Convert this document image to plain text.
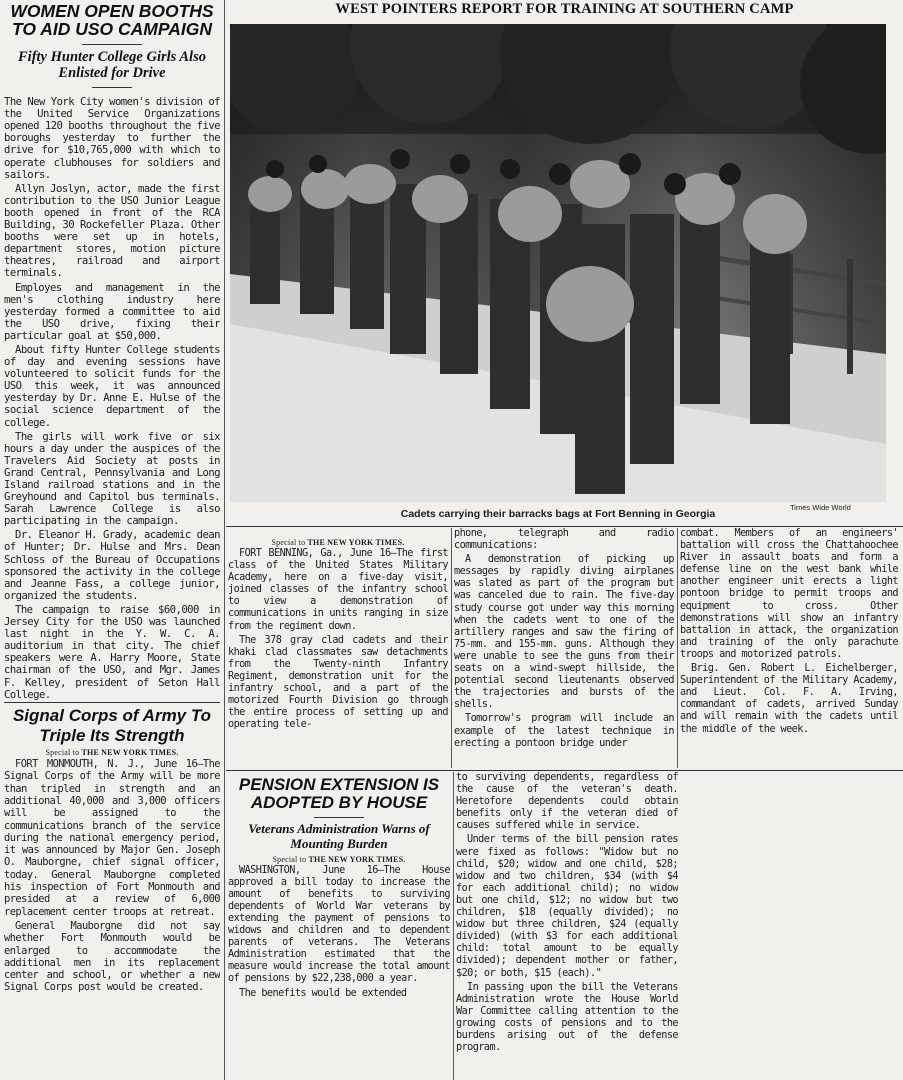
WOMEN OPEN BOOTHS TO AID USO CAMPAIGN
Fifty Hunter College Girls Also Enlisted for Drive

The New York City women's division of the United Service Organizations opened 120 booths throughout the five boroughs yesterday to further the drive for $10,765,000 with which to operate clubhouses for soldiers and sailors.

Allyn Joslyn, actor, made the first contribution to the USO Junior League booth opened in front of the RCA Building, 30 Rockefeller Plaza. Other booths were set up in hotels, department stores, motion picture theatres, railroad and airport terminals.

Employes and management in the men's clothing industry here yesterday formed a committee to aid the USO drive, fixing their particular goal at $50,000.

About fifty Hunter College students of day and evening sessions have volunteered to solicit funds for the USO this week, it was announced yesterday by Dr. Anne E. Hulse of the social science department of the college.

The girls will work five or six hours a day under the auspices of the Travelers Aid Society at posts in Grand Central, Pennsylvania and Long Island railroad stations and in the Greyhound and Capitol bus terminals. Sarah Lawrence College is also participating in the campaign.

Dr. Eleanor H. Grady, academic dean of Hunter; Dr. Hulse and Mrs. Dean Schloss of the Bureau of Occupations sponsored the activity in the college and Jeanne Fass, a college junior, organized the students.

The campaign to raise $60,000 in Jersey City for the USO was launched last night in the Y. W. C. A. auditorium in that city. The chief speakers were A. Harry Moore, State chairman of the USO, and Mgr. James F. Kelley, president of Seton Hall College.

Signal Corps of Army To Triple Its Strength
Special to THE NEW YORK TIMES.

FORT MONMOUTH, N. J., June 16—The Signal Corps of the Army will be more than tripled in strength and an additional 40,000 and 3,000 officers will be assigned to the communications branch of the service during the national emergency period, it was announced by Major Gen. Joseph O. Mauborgne, chief signal officer, today. General Mauborgne completed his inspection of Fort Monmouth and presided at a review of 6,000 replacement center troops at retreat.

General Mauborgne did not say whether Fort Monmouth would be enlarged to accommodate the additional men in its replacement center and school, or whether a new Signal Corps post would be created.

WEST POINTERS REPORT FOR TRAINING AT SOUTHERN CAMP
Times Wide World
Cadets carrying their barracks bags at Fort Benning in Georgia
Special to THE NEW YORK TIMES.

FORT BENNING, Ga., June 16—The first class of the United States Military Academy, here on a five-day visit, joined classes of the infantry school to view a demonstration of communications in units ranging in size from the regiment down.

The 378 gray clad cadets and their khaki clad classmates saw detachments from the Twenty-ninth Infantry Regiment, demonstration unit for the infantry school, and a part of the motorized Fourth Division go through the entire process of setting up and operating tele-

phone, telegraph and radio communications:

A demonstration of picking up messages by rapidly diving airplanes was slated as part of the program but was canceled due to rain. The five-day study course got under way this morning when the cadets went to one of the artillery ranges and saw the firing of 75-mm. and 155-mm. guns. Although they were unable to see the guns from their seats on a wind-swept hillside, the potential second lieutenants observed the trajectories and bursts of the shells.

Tomorrow's program will include an example of the latest technique in erecting a pontoon bridge under

combat. Members of an engineers' battalion will cross the Chattahoochee River in assault boats and form a defense line on the west bank while another engineer unit erects a light pontoon bridge to permit troops and equipment to cross. Other demonstrations will show an infantry battalion in attack, the organization and training of the only parachute troops and motorized patrols.

Brig. Gen. Robert L. Eichelberger, Superintendent of the Military Academy, and Lieut. Col. F. A. Irving, commandant of cadets, arrived Sunday and will remain with the cadets until the middle of the week.

PENSION EXTENSION IS ADOPTED BY HOUSE
Veterans Administration Warns of Mounting Burden
Special to THE NEW YORK TIMES.

WASHINGTON, June 16—The House approved a bill today to increase the amount of benefits to surviving dependents of World War veterans by extending the payment of pensions to widows and children and to dependent parents of veterans. The Veterans Administration estimated that the measure would increase the total amount of pensions by $22,238,000 a year.

The benefits would be extended

to surviving dependents, regardless of the cause of the veteran's death. Heretofore dependents could obtain benefits only if the veteran died of causes suffered while in service.

Under terms of the bill pension rates were fixed as follows: "Widow but no child, $20; widow and one child, $28; widow and two children, $34 (with $4 for each additional child); no widow but one child, $12; no widow but two children, $18 (equally divided); no widow but three children, $24 (equally divided) (with $3 for each additional child: total amount to be equally divided); dependent mother or father, $20; or both, $15 (each)."

In passing upon the bill the Veterans Administration wrote the House World War Committee calling attention to the growing costs of pensions and to the burdens arising out of the defense program.
